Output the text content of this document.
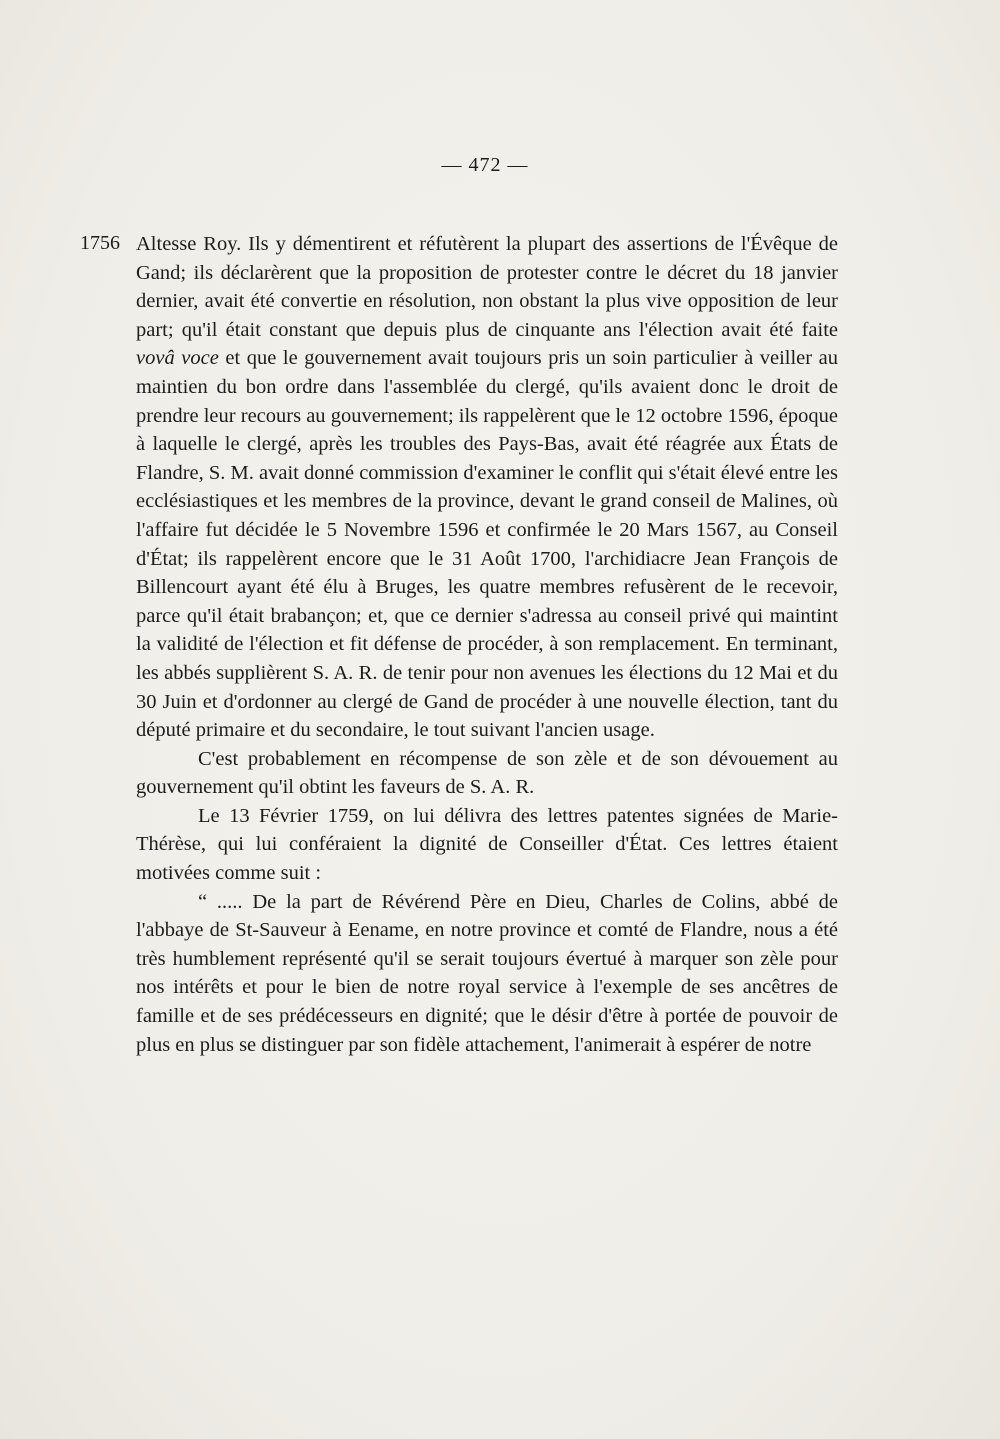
— 472 —
1756 Altesse Roy. Ils y démentirent et réfutèrent la plupart des assertions de l'Évêque de Gand; ils déclarèrent que la proposition de protester contre le décret du 18 janvier dernier, avait été convertie en résolution, non obstant la plus vive opposition de leur part; qu'il était constant que depuis plus de cinquante ans l'élection avait été faite vovâ voce et que le gouvernement avait toujours pris un soin particulier à veiller au maintien du bon ordre dans l'assemblée du clergé, qu'ils avaient donc le droit de prendre leur recours au gouvernement; ils rappelèrent que le 12 octobre 1596, époque à laquelle le clergé, après les troubles des Pays-Bas, avait été réagrée aux États de Flandre, S. M. avait donné commission d'examiner le conflit qui s'était élevé entre les ecclésiastiques et les membres de la province, devant le grand conseil de Malines, où l'affaire fut décidée le 5 Novembre 1596 et confirmée le 20 Mars 1567, au Conseil d'État; ils rappelèrent encore que le 31 Août 1700, l'archidiacre Jean François de Billencourt ayant été élu à Bruges, les quatre membres refusèrent de le recevoir, parce qu'il était brabançon; et, que ce dernier s'adressa au conseil privé qui maintint la validité de l'élection et fit défense de procéder, à son remplacement. En terminant, les abbés supplièrent S. A. R. de tenir pour non avenues les élections du 12 Mai et du 30 Juin et d'ordonner au clergé de Gand de procéder à une nouvelle élection, tant du député primaire et du secondaire, le tout suivant l'ancien usage.

C'est probablement en récompense de son zèle et de son dévouement au gouvernement qu'il obtint les faveurs de S. A. R.

Le 13 Février 1759, on lui délivra des lettres patentes signées de Marie-Thérèse, qui lui conféraient la dignité de Conseiller d'État. Ces lettres étaient motivées comme suit :

“ ..... De la part de Révérend Père en Dieu, Charles de Colins, abbé de l'abbaye de St-Sauveur à Eename, en notre province et comté de Flandre, nous a été très humblement représenté qu'il se serait toujours évertué à marquer son zèle pour nos intérêts et pour le bien de notre royal service à l'exemple de ses ancêtres de famille et de ses prédécesseurs en dignité; que le désir d'être à portée de pouvoir de plus en plus se distinguer par son fidèle attachement, l'animerait à espérer de notre
